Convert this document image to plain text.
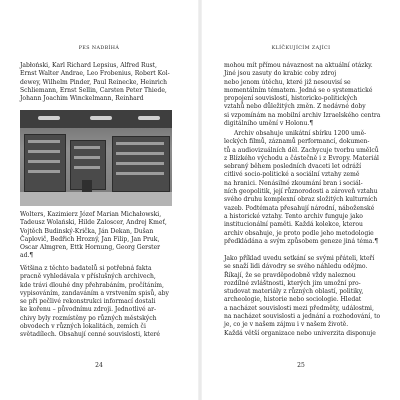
PES NADBÍHÁ
Jabłoński, Karl Richard Lepsius, Alfred Rust,
Ernst Walter Andrae, Leo Frobenius, Robert Kol-
dewey, Wilhelm Pinder, Paul Reinecke, Heinrich
Schliemann, Ernst Sellin, Carsten Peter Thiede,
Johann Joachim Winckelmann, Reinhard
Wolters, Kazimierz Józef Marian Michałowski,
Tadeusz Wolański, Hilde Zaloscer, Andrej Kmeť,
Vojtěch Budinský-Krička, Ján Dekan, Dušan
Čaplovič, Bedřich Hrozný, Jan Filip, Jan Pruk,
Oscar Almgren, Ettk Hornung, Georg Gerster
ad.¶
Většina z těchto badatelů si potřebná fakta
pracně vyhledávala v příslušných archivech,
kde trávi dlouhé dny přehrabáním, pročítáním,
vypisováním, zandaváním a vrstvením spisů, aby
se při pečlivé rekonstrukci informací dostali
ke kořenu – původnímu zdroji. Jednotlivé ar-
chivy byly rozmístěny po různých městských
obvodech v různých lokalitách, zemích či
světadílech. Obsahují cenné souvislosti, které
24
KLÍČKUJÍCÍM ZAJÍCI
mohou mít přímou návaznost na aktuální otázky.
Jiné jsou zasuty do krabic coby zdroj
nebo jenom útěchu, které již nesouvisí se
momentálním tématem. Jedná se o systematické
propojení souvislostí, historicko-politických
vztahů nebo důležitých změn. Z nedávné doby
si vzpomínám na mobilní archiv Izraelského centra
digitálního umění v Holonu.¶
Archiv obsahuje unikátní sbírku 1200 umě-
leckých filmů, záznamů performancí, dokumen-
tů a audiovizuálních děl. Zachycuje tvorbu umělců
z Blízkého východu a částečně i z Evropy. Materiál
sebraný během posledních dvaceti let odráží
citlivé socio-politické a sociální vztahy země
na hranici. Nenásilné zkoumání bran i sociál-
ních geopolitik, její různorodosti a zároveň vztahu
svého druhu komplexní obraz složitých kulturních
vazeb. Podtémata přesahují národní, náboženské
a historické vztahy. Tento archiv funguje jako
institucionální paměti. Každá kolekce, kterou
archiv obsahuje, je proto podle jeho metodologie
předkládána a svým způsobem geneze jiná téma.¶
Jako příklad uvedu setkání se svými přáteli, kteří
se snaží lidi dávodry se svého náhledu odějmo.
Říkají, že se pravděpodobně vždy naleznou
rozdílné zvláštnosti, kterých jim umožní pro-
studovat materiály z různých oblastí, politiky,
archeologie, historie nebo sociologie. Hledat
a nacházet souvislosti mezi předměty, událostmi,
na nacházet souvislosti a jednání a rozhodování, to
je, co je v našem zájmu i v našem životě.
Každá větší organizace nebo univerzita disponuje
25
